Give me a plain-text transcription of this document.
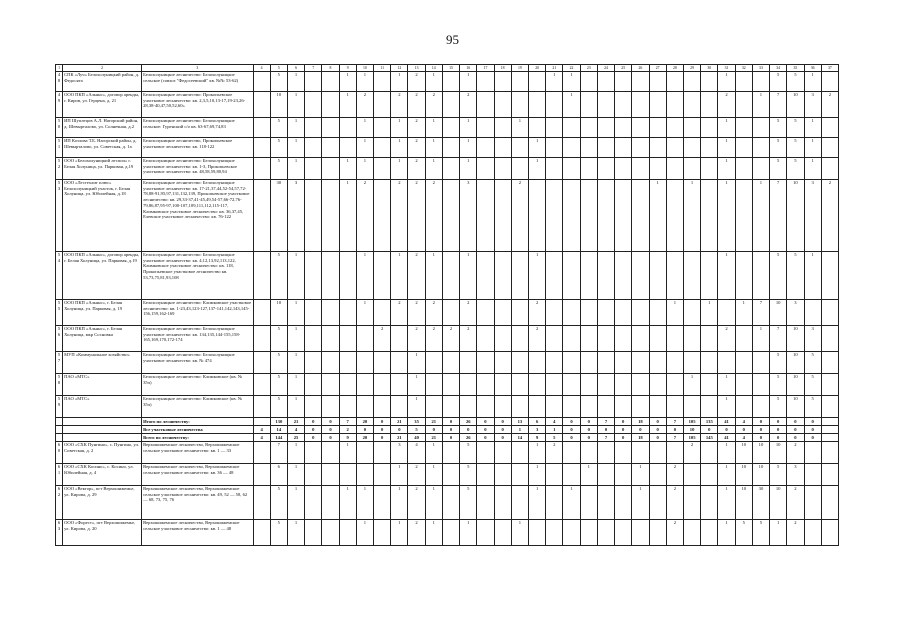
95
1	2	3	4	5	6	7	8	9	10	11	12	13	14	15	16	17	18	19	20	21	22	23	24	25	26	27	28	29	30	31	32	33	34	35	36	37
48	СПК «Луч» Белохолуницкий район, д. Федосята	Белохолуницкое лесничество: Белохолуницкое сельское (совхоз "Федосеевский" кв. №№ 53-62)		5	1			1	1		1	2	1		1					1	1									1			5	5	1	
49	ООО ПКП «Альянс», договор аренды, г. Киров, ул. Герцена, д. 21	Белохолуницкое лесничество: Прокопьевское участковое лесничество: кв. 2,3,5,10,13-17,19-23,26-28,38-40,47,50,52,60»		10	1			1	2		2	2	2		2						1									2		1	7	10	3	2
50	ИП Шуплецов А.Л. Нагорский район, д. Шевырталово, ул. Солнечная, д.2	Белохолуницкое лесничество: Белохолуницкое сельское: Гуренский с/о кв. 63-67,69,74,83		5	1				1		1	2	1		1			1												1			5	5	1	
51	ИП Козлова Т.Б. Нагорский район, д. Шевырталово, ул. Советская, д. 1а	Белохолуницкое лесничество, Прокопьевское участковое лесничество: кв. 118-122		5	1				1		1	2	1		1				1											1			5	5	1	
52	ООО «Белохолуницкий леспоп» г. Белая Холуница, ул. Парковая, д.19	Белохолуницкое лесничество: Белохолуницкое участковое лесничество: кв. 1-3, Прокопьевское участковое лесничество: кв. 48,58,59,80,94		5	1			1	1		1	2	1		1				1											1			5	5	1	
53	ООО «Лестехлит плюс» Белохолуницкий участок, г. Белая Холуница, ул. Юбилейная, д.18	Белохолуницкое лесничество: Белохолуницкое участковое лесничество: кв. 17-21,37,44,52-54,57,72-78,88-91,95,97,131,132,139, Прокопьевское участковое лесничество: кв. 29,33-37,41-45,49,54-57,66-72,76-79,86,87,95-97,100-107,109,111,112,115-117, Климковское участковое лесничество: кв. 36,37,45, Елевское участковое лесничество: кв. 76-122		30	3			1	2		2	2	2		3			2								1		1		1		1	7	10	3	2
54	ООО ПКП «Альянс», договор аренды, г. Белая Холуница, ул. Парковая, д.19	Белохолуницкое лесничество: Белохолуницкое участковое лесничество: кв. 4,12,13,92,113,122, Климковское участковое лесничество: кв. 118, Прокопьевское участковое лесничество кв. 53,73,75,81,93,108		5	1				1		1	2	1		1				1											1			5	5	1	
55	ООО ПКП «Альянс», г. Белая Холуница, ул. Парковая, д. 19	Белохолуницкое лесничество: Климковское участковое лесничество: кв. 1-23,43,123-127,137-141,142,143,145-156,159,162-169		10	1				1		2	2	2		2				2								1		1		1	7	10	3		
56	ООО ПКП «Альянс», г. Белая Холуница, мкр Сосновка	Белохолуницкое лесничество: Белохолуницкое участковое лесничество: кв. 134,135,144-155,158-165,169,170,172-174		5	1					2		2	2	2	2				2											2		1	7	10	3	
57	МУП «Коммунальное хозяйство»	Белохолуницкое лесничество: Белохолуницкое участковое лесничество: кв. № 474		5	1							1																					5	10	5	
58	ПАО «МТС»	Белохолуницкое лесничество: Климковское (кв. № 35ч)		5	1							1																1		1			5	10	5	
59	ПАО «МТС»	Белохолуницкое лесничество: Климковское (кв. № 35ч)		5	1							1																		1			5	10	5	
		Итого по лесничеству:		130	21	0	0	7	20	0	21	35	21	0	26	0	0	13	6	4	0	0	7	0	18	0	7	105	135	41	4	0	0	0	0	
		Все участковые лесничества	4	14	4	0	0	2	0	0	0	5	0	0	0	0	0	1	3	1	0	0	0	0	0	0	0	10	0	0	0	0	0	0	0	
		Всего по лесничеству:	4	144	25	0	0	9	20	0	21	40	21	0	26	0	0	14	9	5	0	0	7	0	18	0	7	105	145	41	4	0	0	0	0	
60	ООО «СХК Пунгино», с. Пунгино, ул. Советская, д. 2	Верхошижемское лесничество, Верхошижемское сельское участковое лесничество: кв. 1 — 33		7	1			1			3	4	1		5				1	2								2		1	10	10	10	2		
61	ООО «СХК Косино», с. Косино, ул. Юбилейная, д. 4	Верхошижемское лесничество, Верхошижемское сельское участковое лесничество: кв. 36 — 48		6	1						1	2	1		5				1			1			1		2			1	10	10	5	3		
62	ООО «Вектор», пгт Верхошижемье, ул. Кирова, д. 29	Верхошижемское лесничество, Верхошижемское сельское участковое лесничество: кв. 49, 52 — 58, 62 — 68, 73, 75, 76		5	1			1	1		1	2	1		5				1		1				1		2			1	10	30	10	2		
63	ООО «Форест», пгт Верхошижемье, ул. Кирова, д. 20	Верхошижемское лесничество, Верхошижемское сельское участковое лесничество: кв. 1 — 48		5	1				1		1	2	1		1			1									2			1	5	5	1	2		
